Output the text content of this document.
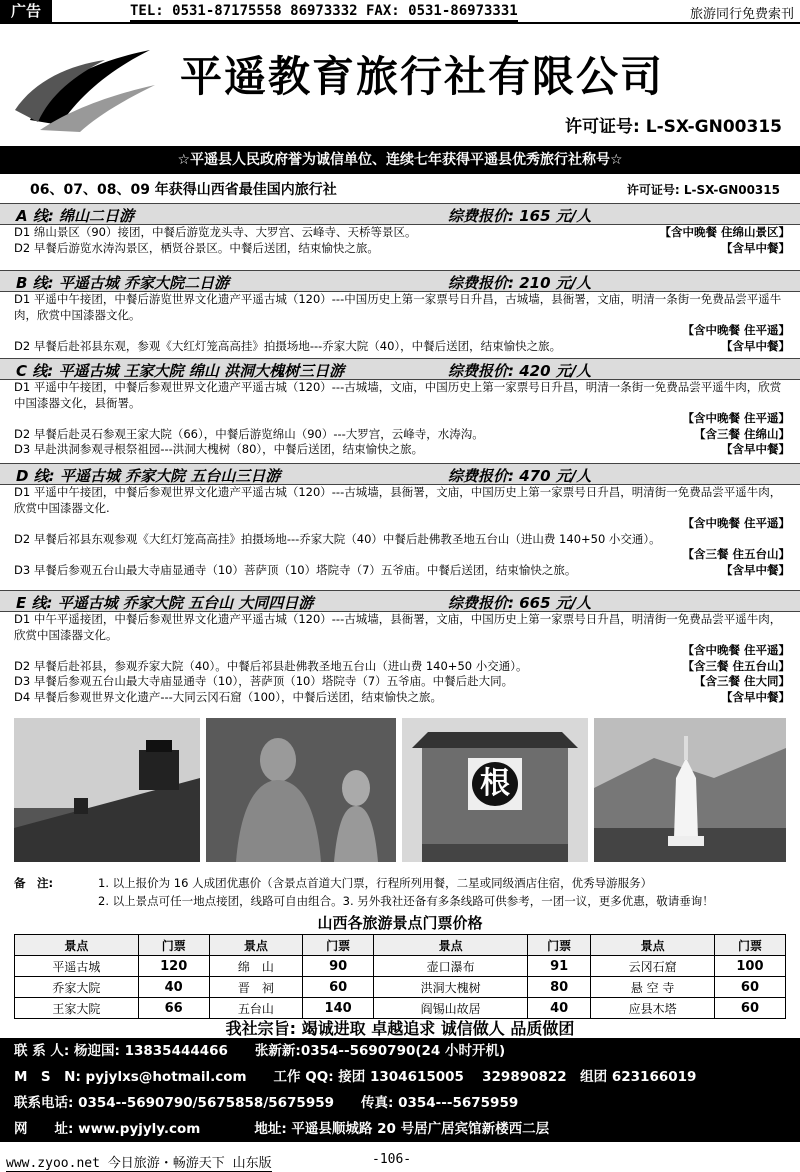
广告	TEL: 0531-87175558 86973332 FAX: 0531-86973331	旅游同行免费索刊
平遥教育旅行社有限公司
许可证号: L-SX-GN00315
☆平遥县人民政府誉为诚信单位、连续七年获得平遥县优秀旅行社称号☆
06、07、08、09 年获得山西省最佳国内旅行社	许可证号: L-SX-GN00315
A 线: 绵山二日游	综费报价: 165 元/人
D1 绵山景区（90）接团，中餐后游览龙头寺、大罗宫、云峰寺、天桥等景区。	【含中晚餐 住绵山景区】
D2 早餐后游览水涛沟景区，栖贤谷景区。中餐后送团，结束愉快之旅。	【含早中餐】
B 线: 平遥古城 乔家大院二日游	综费报价: 210 元/人
D1 平遥中午接团，中餐后游览世界文化遗产平遥古城（120）---中国历史上第一家票号日升昌，古城墙，县衙署，文庙，明清一条街一免费品尝平遥牛肉，欣赏中国漆器文化。
【含中晚餐 住平遥】
D2 早餐后赴祁县东观，参观《大红灯笼高高挂》拍摄场地---乔家大院（40），中餐后送团，结束愉快之旅。	【含早中餐】
C 线: 平遥古城 王家大院 绵山 洪洞大槐树三日游	综费报价: 420 元/人
D1 平遥中午接团，中餐后参观世界文化遗产平遥古城（120）---古城墙，文庙，中国历史上第一家票号日升昌，明清一条街一免费品尝平遥牛肉，欣赏中国漆器文化，县衙署。
【含中晚餐 住平遥】
D2 早餐后赴灵石参观王家大院（66），中餐后游览绵山（90）---大罗宫，云峰寺，水涛沟。	【含三餐 住绵山】
D3 早赴洪洞参观寻根祭祖园---洪洞大槐树（80），中餐后送团，结束愉快之旅。	【含早中餐】
D 线: 平遥古城 乔家大院 五台山三日游	综费报价: 470 元/人
D1 平遥中午接团，中餐后参观世界文化遗产平遥古城（120）---古城墙，县衙署，文庙，中国历史上第一家票号日升昌，明清街一免费品尝平遥牛肉，欣赏中国漆器文化.
【含中晚餐 住平遥】
D2 早餐后祁县东观参观《大红灯笼高高挂》拍摄场地---乔家大院（40）中餐后赴佛教圣地五台山（进山费 140+50 小交通）。
【含三餐 住五台山】
D3 早餐后参观五台山最大寺庙显通寺（10）菩萨顶（10）塔院寺（7）五爷庙。中餐后送团，结束愉快之旅。	【含早中餐】
E 线: 平遥古城 乔家大院 五台山 大同四日游	综费报价: 665 元/人
D1 中午平遥接团，中餐后参观世界文化遗产平遥古城（120）---古城墙，县衙署，文庙，中国历史上第一家票号日升昌，明清街一免费品尝平遥牛肉，欣赏中国漆器文化。
【含中晚餐 住平遥】
D2 早餐后赴祁县，参观乔家大院（40）。中餐后祁县赴佛教圣地五台山（进山费 140+50 小交通）。	【含三餐 住五台山】
D3 早餐后参观五台山最大寺庙显通寺（10），菩萨顶（10）塔院寺（7）五爷庙。中餐后赴大同。	【含三餐 住大同】
D4 早餐后参观世界文化遗产---大同云冈石窟（100），中餐后送团，结束愉快之旅。	【含早中餐】
根
备　注:	1. 以上报价为 16 人成团优惠价（含景点首道大门票，行程所列用餐，二星或同级酒店住宿，优秀导游服务）
2. 以上景点可任一地点接团，线路可自由组合。3. 另外我社还备有多条线路可供参考，一团一议，更多优惠，敬请垂询！
山西各旅游景点门票价格
景点	门票	景点	门票	景点	门票	景点	门票
平遥古城	120	绵　山	90	壶口瀑布	91	云冈石窟	100
乔家大院	40	晋　祠	60	洪洞大槐树	80	悬 空 寺	60
王家大院	66	五台山	140	阎锡山故居	40	应县木塔	60
我社宗旨: 竭诚进取 卓越追求 诚信做人 品质做团
联 系 人: 杨迎国: 13835444466　　张新新:0354--5690790(24 小时开机)
M　S　N: pyjylxs@hotmail.com　　工作 QQ: 接团 1304615005　 329890822　组团 623166019
联系电话: 0354--5690790/5675858/5675959　　传真: 0354---5675959
网　　址: www.pyjyly.com　　　　地址: 平遥县顺城路 20 号居广居宾馆新楼西二层
www.zyoo.net 今日旅游・畅游天下 山东版	-106-
